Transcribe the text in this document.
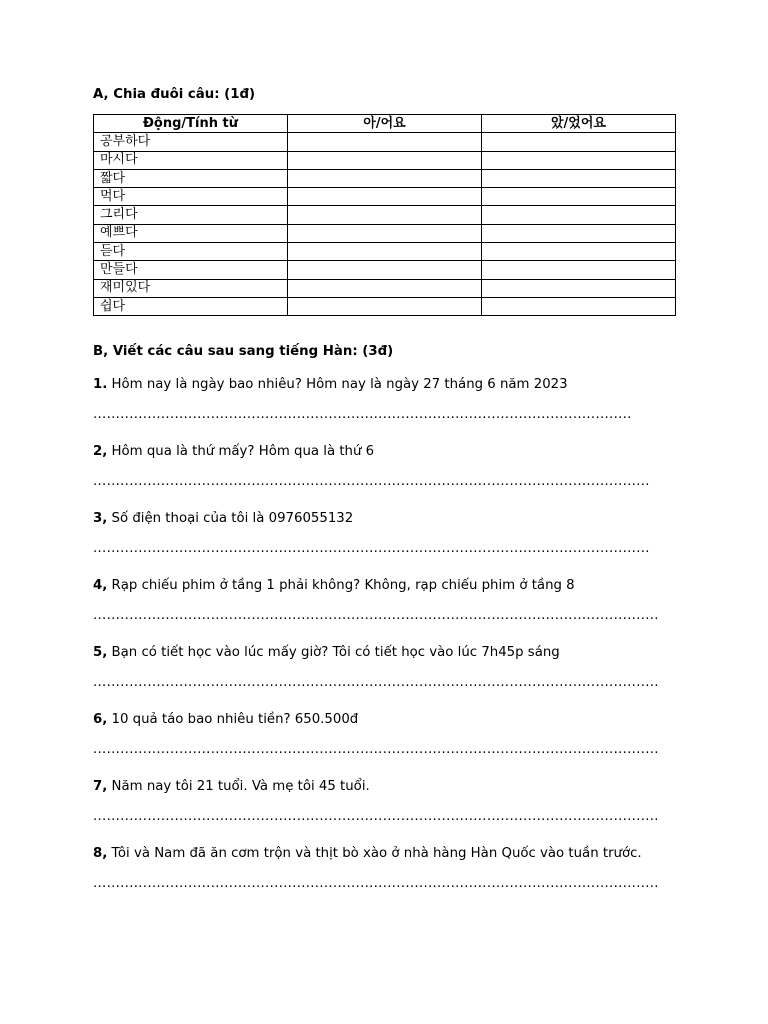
A, Chia đuôi câu: (1đ)

Động/Tính từ	아/어요	았/었어요
공부하다		
마시다		
짧다		
먹다		
그리다		
예쁘다		
듣다		
만들다		
재미있다		
쉽다		

B, Viết các câu sau sang tiếng Hàn: (3đ)

1. Hôm nay là ngày bao nhiêu? Hôm nay là ngày 27 tháng 6 năm 2023

.......................................................................................................................

2, Hôm qua là thứ mấy? Hôm qua là thứ 6

...........................................................................................................................

3, Số điện thoại của tôi là 0976055132

...........................................................................................................................

4, Rạp chiếu phim ở tầng 1 phải không? Không, rạp chiếu phim ở tầng 8

.............................................................................................................................

5, Bạn có tiết học vào lúc mấy giờ? Tôi có tiết học vào lúc 7h45p sáng

.............................................................................................................................

6, 10 quả táo bao nhiêu tiền? 650.500đ

.............................................................................................................................

7, Năm nay tôi 21 tuổi. Và mẹ tôi 45 tuổi.

.............................................................................................................................

8, Tôi và Nam đã ăn cơm trộn và thịt bò xào ở nhà hàng Hàn Quốc vào tuần trước.

.............................................................................................................................
